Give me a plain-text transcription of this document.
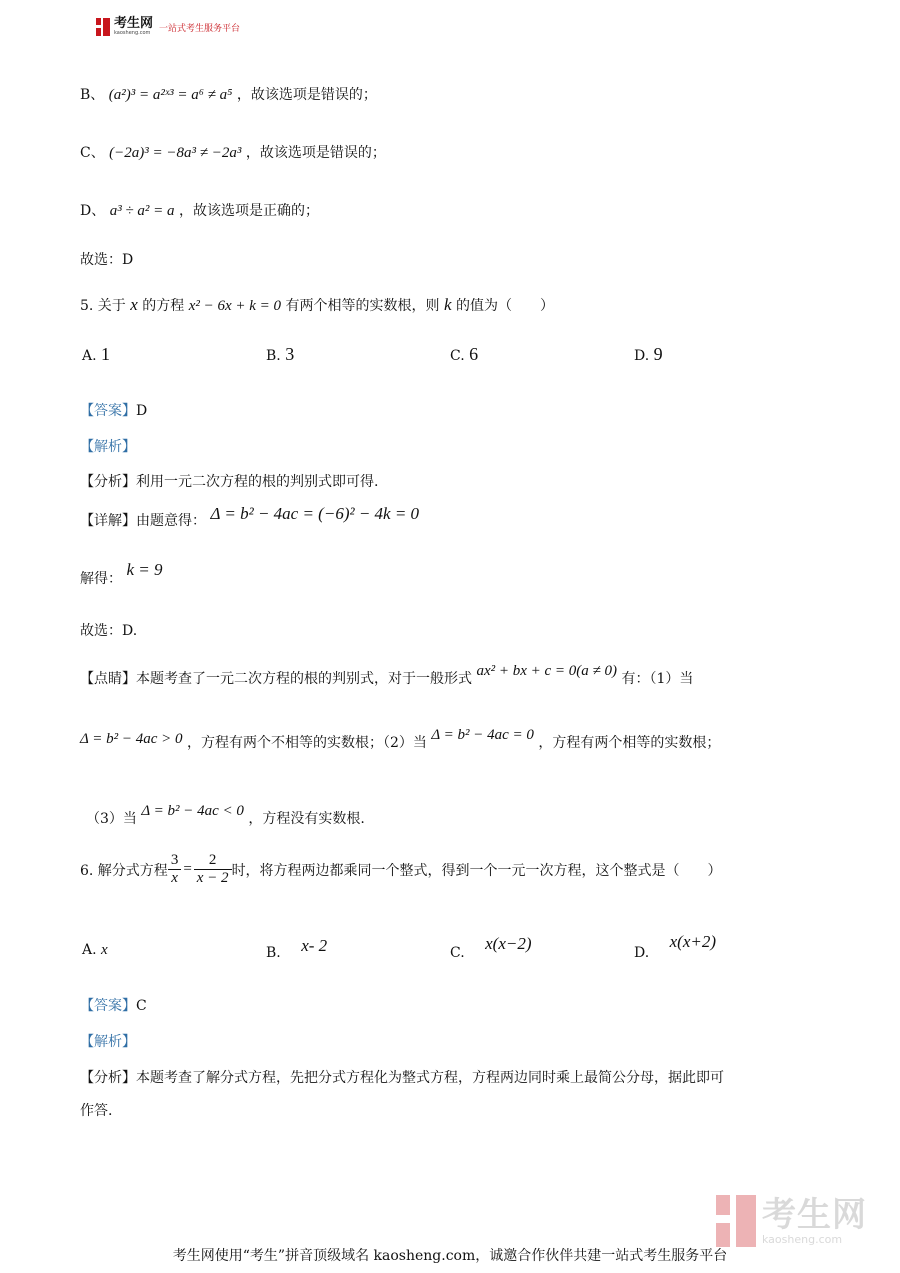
考生网
kaosheng.com 一站式考生服务平台
B、 (a²)³ = a²ˣ³ = a⁶ ≠ a⁵ ，故该选项是错误的；
C、 (−2a)³ = −8a³ ≠ −2a³ ，故该选项是错误的；
D、 a³ ÷ a² = a ，故该选项是正确的；
故选：D
5. 关于 x 的方程 x² − 6x + k = 0 有两个相等的实数根，则 k 的值为（　　）
A. 1	B. 3	C. 6	D. 9
【答案】D
【解析】
【分析】利用一元二次方程的根的判别式即可得.
【详解】由题意得： Δ = b² − 4ac = (−6)² − 4k = 0
解得： k = 9
故选：D.
【点睛】本题考查了一元二次方程的根的判别式，对于一般形式 ax² + bx + c = 0(a ≠ 0) 有：（1）当
Δ = b² − 4ac > 0 ，方程有两个不相等的实数根；（2）当 Δ = b² − 4ac = 0 ，方程有两个相等的实数根；
（3）当 Δ = b² − 4ac < 0 ，方程没有实数根.
6. 解分式方程 $\frac{3}{x} = \frac{2}{x - 2}$ 时，将方程两边都乘同一个整式，得到一个一元一次方程，这个整式是（　　）
A. x	B. x- 2	C. x(x−2)	D. x(x+2)
【答案】C
【解析】
【分析】本题考查了解分式方程，先把分式方程化为整式方程，方程两边同时乘上最简公分母，据此即可
作答.
考生网
kaosheng.com
考生网使用“考生”拼音顶级域名 kaosheng.com，诚邀合作伙伴共建一站式考生服务平台
